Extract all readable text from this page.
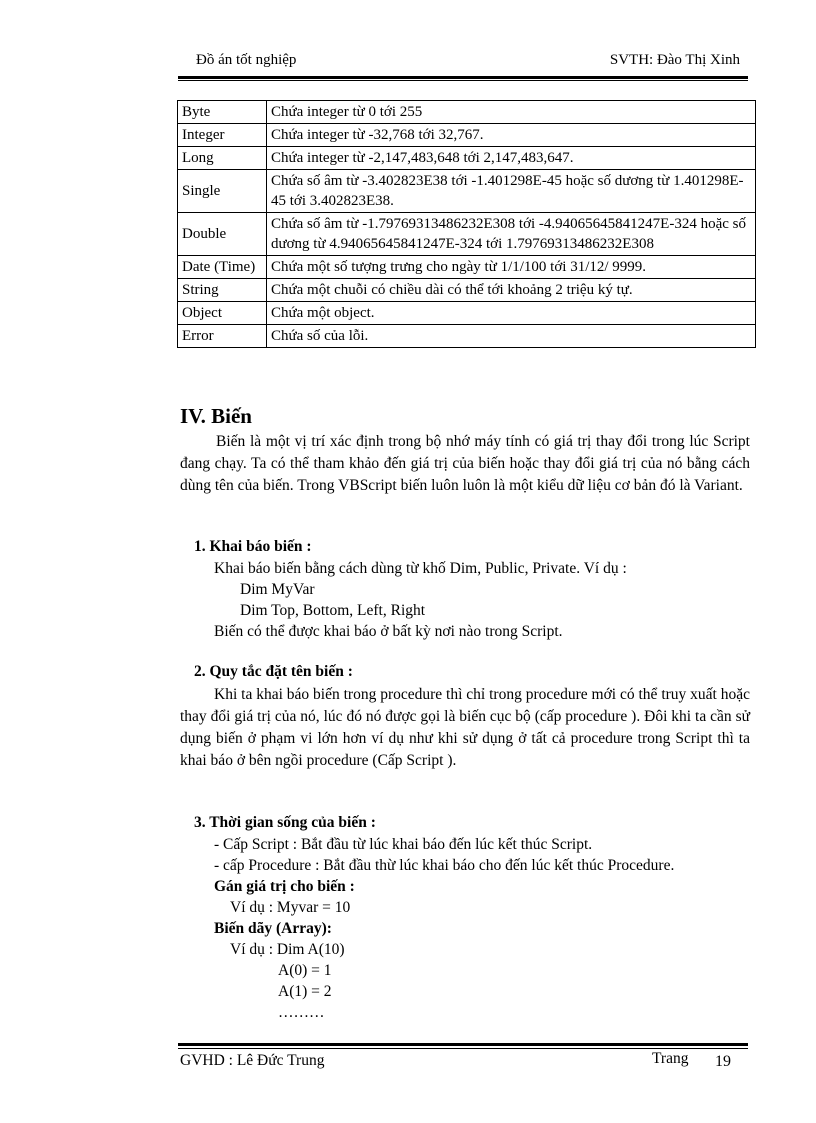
Đồ án tốt nghiệp	SVTH: Đào Thị Xinh
Byte	Chứa integer từ 0 tới 255
Integer	Chứa integer từ -32,768 tới 32,767.
Long	Chứa integer từ -2,147,483,648 tới 2,147,483,647.
Single	Chứa số âm từ -3.402823E38 tới -1.401298E-45 hoặc số dương từ 1.401298E-45 tới 3.402823E38.
Double	Chứa số âm từ -1.79769313486232E308 tới -4.94065645841247E-324 hoặc số dương từ 4.94065645841247E-324 tới 1.79769313486232E308
Date (Time)	Chứa một số tượng trưng cho ngày từ 1/1/100 tới 31/12/ 9999.
String	Chứa một chuỗi có chiều dài có thể tới khoảng 2 triệu ký tự.
Object	Chứa một object.
Error	Chứa số của lỗi.
IV. Biến
Biến là một vị trí xác định trong bộ nhớ máy tính có giá trị thay đổi trong lúc Script đang chạy. Ta có thể tham khảo đến giá trị của biến hoặc thay đổi giá trị của nó bằng cách dùng tên của biến. Trong VBScript biến luôn luôn là một kiểu dữ liệu cơ bản đó là Variant.
1. Khai báo biến :
Khai báo biến bằng cách dùng từ khố Dim, Public, Private. Ví dụ :
Dim MyVar
Dim Top, Bottom, Left, Right
Biến có thể được khai báo ở bất kỳ nơi nào trong Script.
2. Quy tắc đặt tên biến :
Khi ta khai báo biến trong procedure thì chỉ trong procedure mới có thể truy xuất hoặc thay đổi giá trị của nó, lúc đó nó được gọi là biến cục bộ (cấp procedure ). Đôi khi ta cần sử dụng biến ở phạm vi lớn hơn ví dụ như khi sử dụng ở tất cả procedure trong Script thì ta khai báo ở bên ngồi procedure (Cấp Script ).
3. Thời gian sống của biến :
- Cấp Script : Bắt đầu từ lúc khai báo đến lúc kết thúc Script.
- cấp Procedure : Bắt đầu thừ lúc khai báo cho đến lúc kết thúc Procedure.
Gán giá trị cho biến :
Ví dụ : Myvar = 10
Biến dãy (Array):
Ví dụ : Dim A(10)
A(0) = 1
A(1) = 2
………
GVHD : Lê Đức Trung	Trang 19
